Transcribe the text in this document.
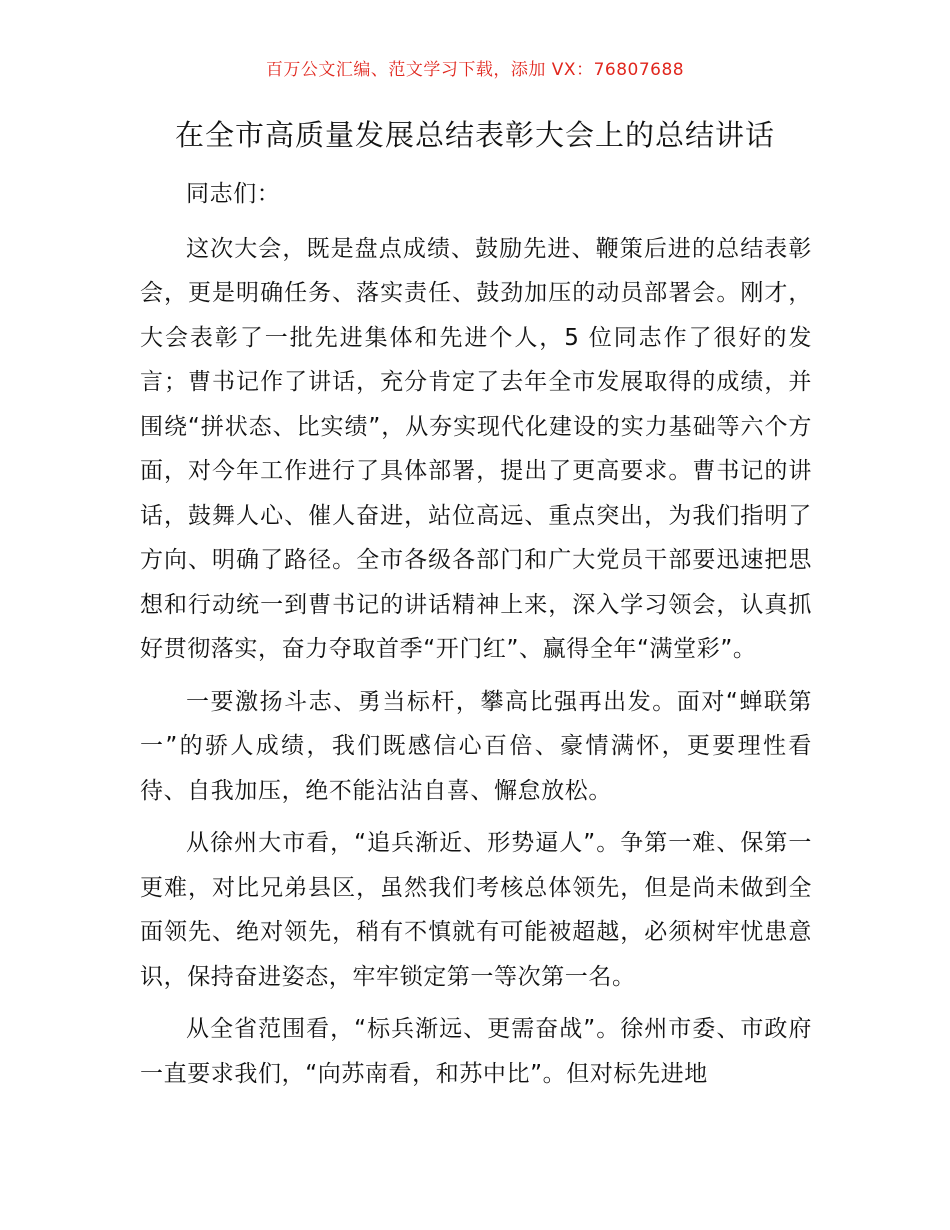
百万公文汇编、范文学习下载，添加 VX：76807688
在全市高质量发展总结表彰大会上的总结讲话

同志们：

这次大会，既是盘点成绩、鼓励先进、鞭策后进的总结表彰会，更是明确任务、落实责任、鼓劲加压的动员部署会。刚才，大会表彰了一批先进集体和先进个人，5 位同志作了很好的发言；曹书记作了讲话，充分肯定了去年全市发展取得的成绩，并围绕“拼状态、比实绩”，从夯实现代化建设的实力基础等六个方面，对今年工作进行了具体部署，提出了更高要求。曹书记的讲话，鼓舞人心、催人奋进，站位高远、重点突出，为我们指明了方向、明确了路径。全市各级各部门和广大党员干部要迅速把思想和行动统一到曹书记的讲话精神上来，深入学习领会，认真抓好贯彻落实，奋力夺取首季“开门红”、赢得全年“满堂彩”。

一要激扬斗志、勇当标杆，攀高比强再出发。面对“蝉联第一”的骄人成绩，我们既感信心百倍、豪情满怀，更要理性看待、自我加压，绝不能沾沾自喜、懈怠放松。

从徐州大市看，“追兵渐近、形势逼人”。争第一难、保第一更难，对比兄弟县区，虽然我们考核总体领先，但是尚未做到全面领先、绝对领先，稍有不慎就有可能被超越，必须树牢忧患意识，保持奋进姿态，牢牢锁定第一等次第一名。

从全省范围看，“标兵渐远、更需奋战”。徐州市委、市政府一直要求我们，“向苏南看，和苏中比”。但对标先进地
